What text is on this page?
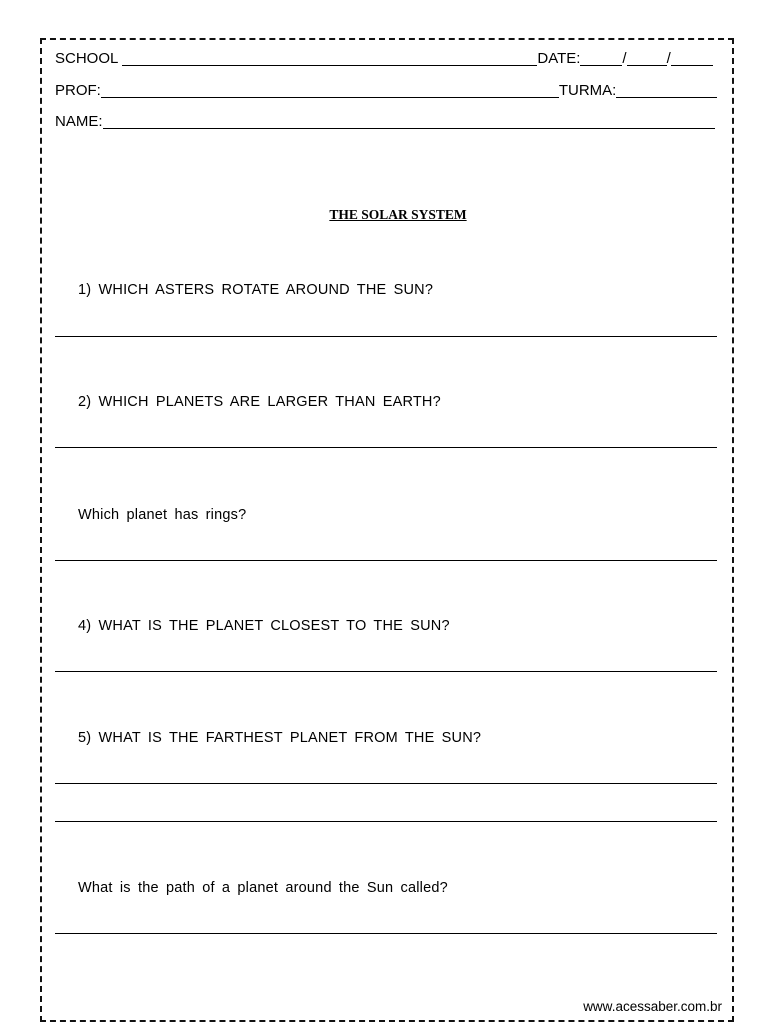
SCHOOL	DATE:	/	/
PROF:	TURMA:
NAME:
THE SOLAR SYSTEM
1) WHICH ASTERS ROTATE AROUND THE SUN?
2) WHICH PLANETS ARE LARGER THAN EARTH?
Which planet has rings?
4) WHAT IS THE PLANET CLOSEST TO THE SUN?
5) WHAT IS THE FARTHEST PLANET FROM THE SUN?
What is the path of a planet around the Sun called?
www.acessaber.com.br
